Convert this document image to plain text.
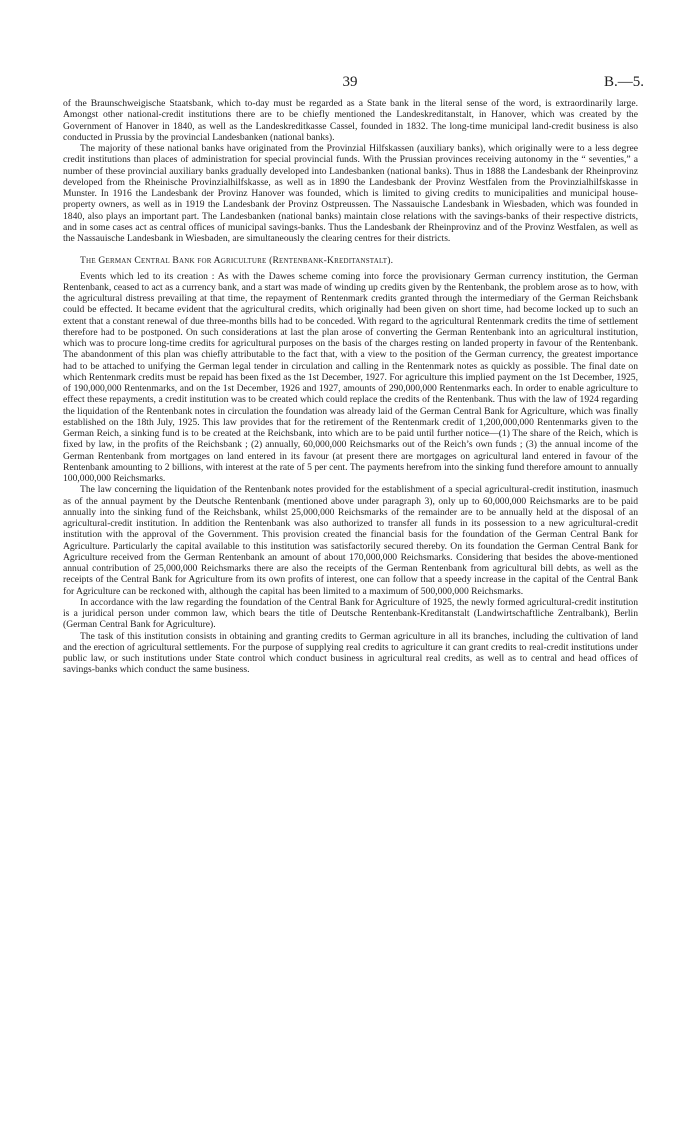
39	B.—5.

of the Braunschweigische Staatsbank, which to-day must be regarded as a State bank in the literal sense of the word, is extraordinarily large. Amongst other national-credit institutions there are to be chiefly mentioned the Landeskreditanstalt, in Hanover, which was created by the Government of Hanover in 1840, as well as the Landeskreditkasse Cassel, founded in 1832. The long-time municipal land-credit business is also conducted in Prussia by the provincial Landesbanken (national banks).

The majority of these national banks have originated from the Provinzial Hilfskassen (auxiliary banks), which originally were to a less degree credit institutions than places of administration for special provincial funds. With the Prussian provinces receiving autonomy in the “ seventies,” a number of these provincial auxiliary banks gradually developed into Landesbanken (national banks). Thus in 1888 the Landesbank der Rheinprovinz developed from the Rheinische Provinzialhilfskasse, as well as in 1890 the Landesbank der Provinz Westfalen from the Provinzialhilfskasse in Munster. In 1916 the Landesbank der Provinz Hanover was founded, which is limited to giving credits to municipalities and municipal house-property owners, as well as in 1919 the Landesbank der Provinz Ostpreussen. The Nassauische Landesbank in Wiesbaden, which was founded in 1840, also plays an important part. The Landesbanken (national banks) maintain close relations with the savings-banks of their respective districts, and in some cases act as central offices of municipal savings-banks. Thus the Landesbank der Rheinprovinz and of the Provinz Westfalen, as well as the Nassauische Landesbank in Wiesbaden, are simultaneously the clearing centres for their districts.

The German Central Bank for Agriculture (Rentenbank-Kreditanstalt).

Events which led to its creation : As with the Dawes scheme coming into force the provisionary German currency institution, the German Rentenbank, ceased to act as a currency bank, and a start was made of winding up credits given by the Rentenbank, the problem arose as to how, with the agricultural distress prevailing at that time, the repayment of Rentenmark credits granted through the intermediary of the German Reichsbank could be effected. It became evident that the agricultural credits, which originally had been given on short time, had become locked up to such an extent that a constant renewal of due three-months bills had to be conceded. With regard to the agricultural Rentenmark credits the time of settlement therefore had to be postponed. On such considerations at last the plan arose of converting the German Rentenbank into an agricultural institution, which was to procure long-time credits for agricultural purposes on the basis of the charges resting on landed property in favour of the Rentenbank. The abandonment of this plan was chiefly attributable to the fact that, with a view to the position of the German currency, the greatest importance had to be attached to unifying the German legal tender in circulation and calling in the Rentenmark notes as quickly as possible. The final date on which Rentenmark credits must be repaid has been fixed as the 1st December, 1927. For agriculture this implied payment on the 1st December, 1925, of 190,000,000 Rentenmarks, and on the 1st December, 1926 and 1927, amounts of 290,000,000 Rentenmarks each. In order to enable agriculture to effect these repayments, a credit institution was to be created which could replace the credits of the Rentenbank. Thus with the law of 1924 regarding the liquidation of the Rentenbank notes in circulation the foundation was already laid of the German Central Bank for Agriculture, which was finally established on the 18th July, 1925. This law provides that for the retirement of the Rentenmark credit of 1,200,000,000 Rentenmarks given to the German Reich, a sinking fund is to be created at the Reichsbank, into which are to be paid until further notice—(1) The share of the Reich, which is fixed by law, in the profits of the Reichsbank ; (2) annually, 60,000,000 Reichsmarks out of the Reich’s own funds ; (3) the annual income of the German Rentenbank from mortgages on land entered in its favour (at present there are mortgages on agricultural land entered in favour of the Rentenbank amounting to 2 billions, with interest at the rate of 5 per cent. The payments herefrom into the sinking fund therefore amount to annually 100,000,000 Reichsmarks.

The law concerning the liquidation of the Rentenbank notes provided for the establishment of a special agricultural-credit institution, inasmuch as of the annual payment by the Deutsche Rentenbank (mentioned above under paragraph 3), only up to 60,000,000 Reichsmarks are to be paid annually into the sinking fund of the Reichsbank, whilst 25,000,000 Reichsmarks of the remainder are to be annually held at the disposal of an agricultural-credit institution. In addition the Rentenbank was also authorized to transfer all funds in its possession to a new agricultural-credit institution with the approval of the Government. This provision created the financial basis for the foundation of the German Central Bank for Agriculture. Particularly the capital available to this institution was satisfactorily secured thereby. On its foundation the German Central Bank for Agriculture received from the German Rentenbank an amount of about 170,000,000 Reichsmarks. Considering that besides the above-mentioned annual contribution of 25,000,000 Reichsmarks there are also the receipts of the German Rentenbank from agricultural bill debts, as well as the receipts of the Central Bank for Agriculture from its own profits of interest, one can follow that a speedy increase in the capital of the Central Bank for Agriculture can be reckoned with, although the capital has been limited to a maximum of 500,000,000 Reichsmarks.

In accordance with the law regarding the foundation of the Central Bank for Agriculture of 1925, the newly formed agricultural-credit institution is a juridical person under common law, which bears the title of Deutsche Rentenbank-Kreditanstalt (Landwirtschaftliche Zentralbank), Berlin (German Central Bank for Agriculture).

The task of this institution consists in obtaining and granting credits to German agriculture in all its branches, including the cultivation of land and the erection of agricultural settlements. For the purpose of supplying real credits to agriculture it can grant credits to real-credit institutions under public law, or such institutions under State control which conduct business in agricultural real credits, as well as to central and head offices of savings-banks which conduct the same business.
